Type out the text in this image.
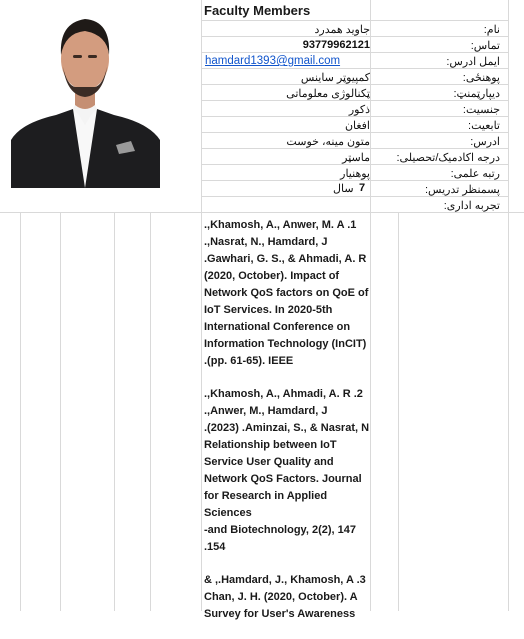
Faculty Members
جاوید همدرد
93779962121
hamdard1393@gmail.com
کمپیوټر ساینس
ټکنالوژی معلوماتی
ذکور
افغان
متون مینه، خوست
ماسټر
پوهنیار
7
سال
نام:
تماس:
ایمل ادرس:
پوهنځی:
دیپارټمنټ:
جنسیت:
تابعیت:
ادرس:
درجه اکادمیک/تحصیلی:
رتبه علمی:
پسمنظر تدریس:
تجربه اداری:
.,Khamosh, A., Anwer, M. A .1
.,Nasrat, N., Hamdard, J
.Gawhari, G. S., & Ahmadi, A. R
(2020, October). Impact of
Network QoS factors on QoE of
IoT Services. In 2020-5th
International Conference on
Information Technology (InCIT)
.(pp. 61-65). IEEE
.,Khamosh, A., Ahmadi, A. R .2
.,Anwer, M., Hamdard, J
.(2023) .Aminzai, S., & Nasrat, N
Relationship between IoT
Service User Quality and
Network QoS Factors. Journal
for Research in Applied Sciences
-and Biotechnology, 2(2), 147
.154
& ,.Hamdard, J., Khamosh, A .3
Chan, J. H. (2020, October). A
Survey for User's Awareness
